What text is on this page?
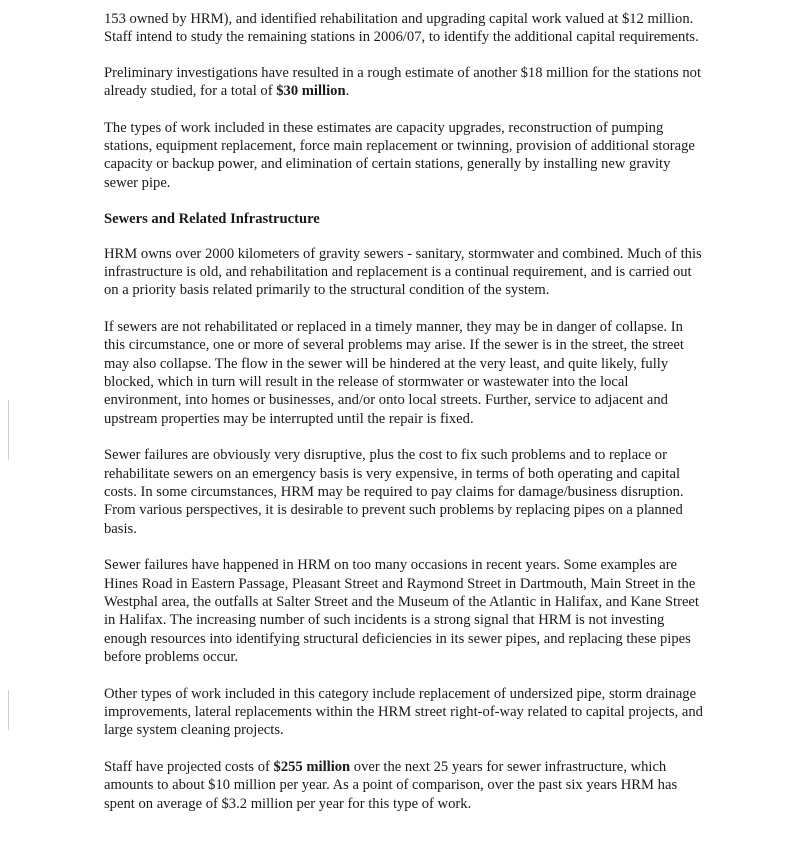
153 owned by HRM), and identified rehabilitation and upgrading capital work valued at $12 million. Staff intend to study the remaining stations in 2006/07, to identify the additional capital requirements.

Preliminary investigations have resulted in a rough estimate of another $18 million for the stations not already studied, for a total of $30 million.

The types of work included in these estimates are capacity upgrades, reconstruction of pumping stations, equipment replacement, force main replacement or twinning, provision of additional storage capacity or backup power, and elimination of certain stations, generally by installing new gravity sewer pipe.

Sewers and Related Infrastructure

HRM owns over 2000 kilometers of gravity sewers - sanitary, stormwater and combined. Much of this infrastructure is old, and rehabilitation and replacement is a continual requirement, and is carried out on a priority basis related primarily to the structural condition of the system.

If sewers are not rehabilitated or replaced in a timely manner, they may be in danger of collapse. In this circumstance, one or more of several problems may arise. If the sewer is in the street, the street may also collapse. The flow in the sewer will be hindered at the very least, and quite likely, fully blocked, which in turn will result in the release of stormwater or wastewater into the local environment, into homes or businesses, and/or onto local streets. Further, service to adjacent and upstream properties may be interrupted until the repair is fixed.

Sewer failures are obviously very disruptive, plus the cost to fix such problems and to replace or rehabilitate sewers on an emergency basis is very expensive, in terms of both operating and capital costs. In some circumstances, HRM may be required to pay claims for damage/business disruption. From various perspectives, it is desirable to prevent such problems by replacing pipes on a planned basis.

Sewer failures have happened in HRM on too many occasions in recent years. Some examples are Hines Road in Eastern Passage, Pleasant Street and Raymond Street in Dartmouth, Main Street in the Westphal area, the outfalls at Salter Street and the Museum of the Atlantic in Halifax, and Kane Street in Halifax. The increasing number of such incidents is a strong signal that HRM is not investing enough resources into identifying structural deficiencies in its sewer pipes, and replacing these pipes before problems occur.

Other types of work included in this category include replacement of undersized pipe, storm drainage improvements, lateral replacements within the HRM street right-of-way related to capital projects, and large system cleaning projects.

Staff have projected costs of $255 million over the next 25 years for sewer infrastructure, which amounts to about $10 million per year. As a point of comparison, over the past six years HRM has spent on average of $3.2 million per year for this type of work.
